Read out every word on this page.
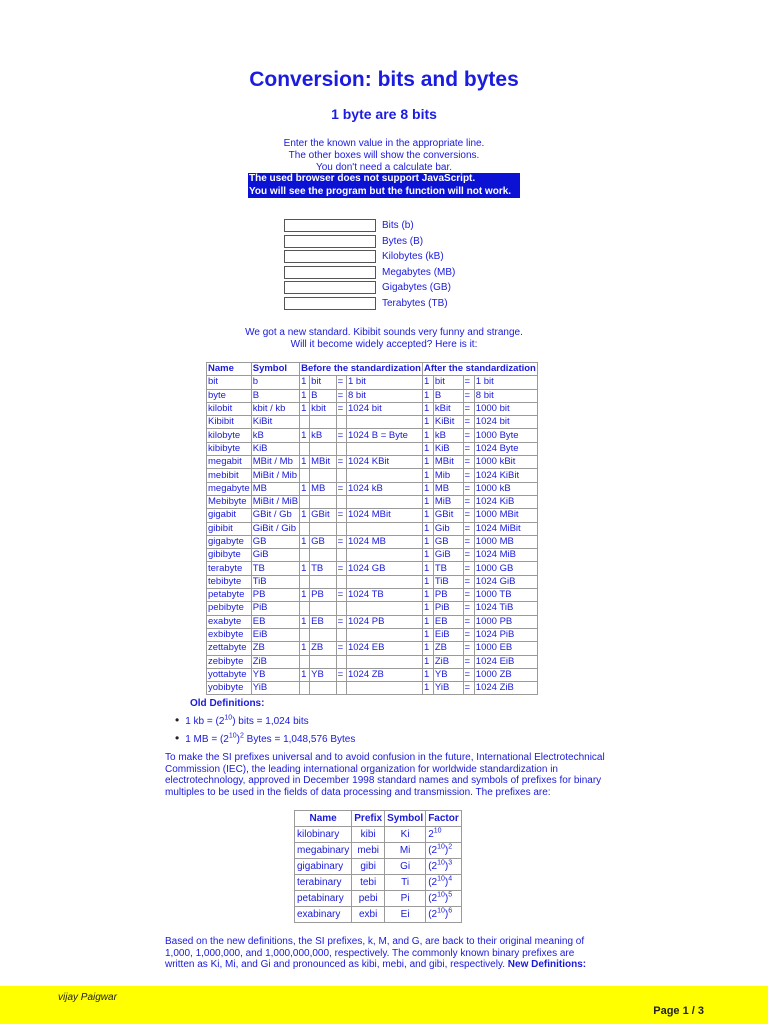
Conversion: bits and bytes
1 byte are 8 bits
Enter the known value in the appropriate line.
The other boxes will show the conversions.
You don't need a calculate bar.
The used browser does not support JavaScript.
You will see the program but the function will not work.
Bits (b)
Bytes (B)
Kilobytes (kB)
Megabytes (MB)
Gigabytes (GB)
Terabytes (TB)
We got a new standard. Kibibit sounds very funny and strange.
Will it become widely accepted? Here is it:
Name	Symbol	Before the standardization				After the standardization			
bit	b	1	bit	=	1 bit	1	bit	=	1 bit
byte	B	1	B	=	8 bit	1	B	=	8 bit
kilobit	kbit / kb	1	kbit	=	1024 bit	1	kBit	=	1000 bit
Kibibit	KiBit					1	KiBit	=	1024 bit
kilobyte	kB	1	kB	=	1024 B = Byte	1	kB	=	1000 Byte
kibibyte	KiB					1	KiB	=	1024 Byte
megabit	MBit / Mb	1	MBit	=	1024 KBit	1	MBit	=	1000 kBit
mebibit	MiBit / Mib					1	Mib	=	1024 KiBit
megabyte	MB	1	MB	=	1024 kB	1	MB	=	1000 kB
Mebibyte	MiBit / MiB					1	MiB	=	1024 KiB
gigabit	GBit / Gb	1	GBit	=	1024 MBit	1	GBit	=	1000 MBit
gibibit	GiBit / Gib					1	Gib	=	1024 MiBit
gigabyte	GB	1	GB	=	1024 MB	1	GB	=	1000 MB
gibibyte	GiB					1	GiB	=	1024 MiB
terabyte	TB	1	TB	=	1024 GB	1	TB	=	1000 GB
tebibyte	TiB					1	TiB	=	1024 GiB
petabyte	PB	1	PB	=	1024 TB	1	PB	=	1000 TB
pebibyte	PiB					1	PiB	=	1024 TiB
exabyte	EB	1	EB	=	1024 PB	1	EB	=	1000 PB
exbibyte	EiB					1	EiB	=	1024 PiB
zettabyte	ZB	1	ZB	=	1024 EB	1	ZB	=	1000 EB
zebibyte	ZiB					1	ZiB	=	1024 EiB
yottabyte	YB	1	YB	=	1024 ZB	1	YB	=	1000 ZB
yobibyte	YiB					1	YiB	=	1024 ZiB
Old Definitions:
• 1 kb = $(2^{10})$ bits = 1,024 bits
• 1 MB = $(2^{10})^2$ Bytes = 1,048,576 Bytes
To make the SI prefixes universal and to avoid confusion in the future, International Electrotechnical Commission (IEC), the leading international organization for worldwide standardization in electrotechnology, approved in December 1998 standard names and symbols of prefixes for binary multiples to be used in the fields of data processing and transmission. The prefixes are:
Name	Prefix	Symbol	Factor
kilobinary	kibi	Ki	$2^{10}$
megabinary	mebi	Mi	$(2^{10})^2$
gigabinary	gibi	Gi	$(2^{10})^3$
terabinary	tebi	Ti	$(2^{10})^4$
petabinary	pebi	Pi	$(2^{10})^5$
exabinary	exbi	Ei	$(2^{10})^6$
Based on the new definitions, the SI prefixes, k, M, and G, are back to their original meaning of 1,000, 1,000,000, and 1,000,000,000, respectively. The commonly known binary prefixes are written as Ki, Mi, and Gi and pronounced as kibi, mebi, and gibi, respectively. New Definitions:
vijay Paigwar
Page 1 / 3
